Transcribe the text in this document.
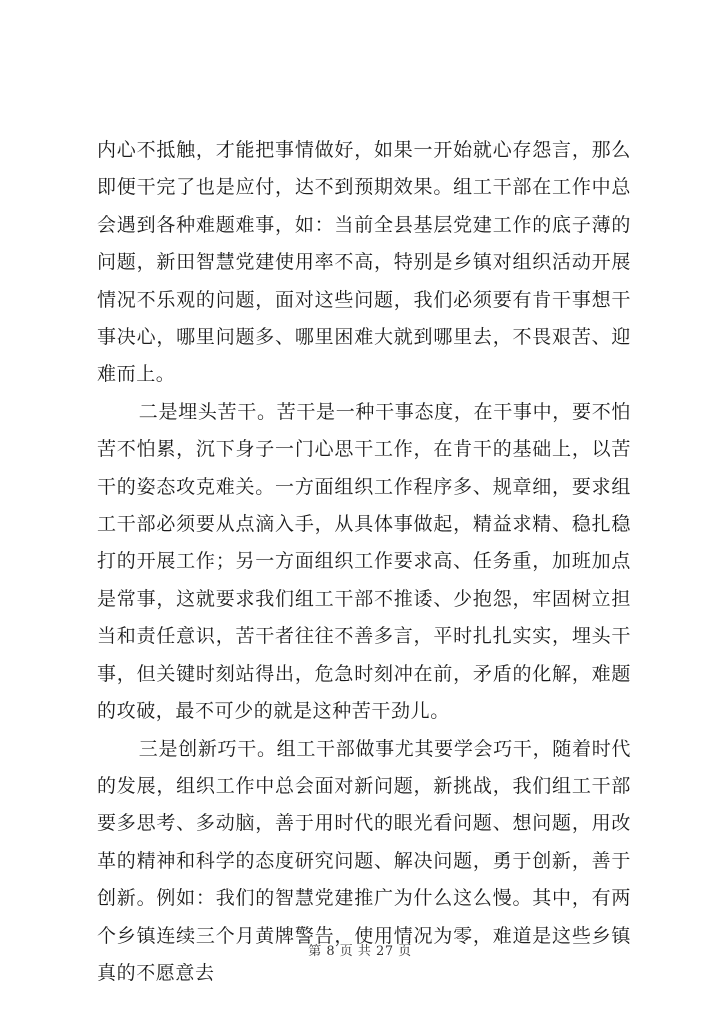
内心不抵触，才能把事情做好，如果一开始就心存怨言，那么即便干完了也是应付，达不到预期效果。组工干部在工作中总会遇到各种难题难事，如：当前全县基层党建工作的底子薄的问题，新田智慧党建使用率不高，特别是乡镇对组织活动开展情况不乐观的问题，面对这些问题，我们必须要有肯干事想干事决心，哪里问题多、哪里困难大就到哪里去，不畏艰苦、迎难而上。

二是埋头苦干。苦干是一种干事态度，在干事中，要不怕苦不怕累，沉下身子一门心思干工作，在肯干的基础上，以苦干的姿态攻克难关。一方面组织工作程序多、规章细，要求组工干部必须要从点滴入手，从具体事做起，精益求精、稳扎稳打的开展工作；另一方面组织工作要求高、任务重，加班加点是常事，这就要求我们组工干部不推诿、少抱怨，牢固树立担当和责任意识，苦干者往往不善多言，平时扎扎实实，埋头干事，但关键时刻站得出，危急时刻冲在前，矛盾的化解，难题的攻破，最不可少的就是这种苦干劲儿。

三是创新巧干。组工干部做事尤其要学会巧干，随着时代的发展，组织工作中总会面对新问题，新挑战，我们组工干部要多思考、多动脑，善于用时代的眼光看问题、想问题，用改革的精神和科学的态度研究问题、解决问题，勇于创新，善于创新。例如：我们的智慧党建推广为什么这么慢。其中，有两个乡镇连续三个月黄牌警告，使用情况为零，难道是这些乡镇真的不愿意去

第 8 页 共 27 页
